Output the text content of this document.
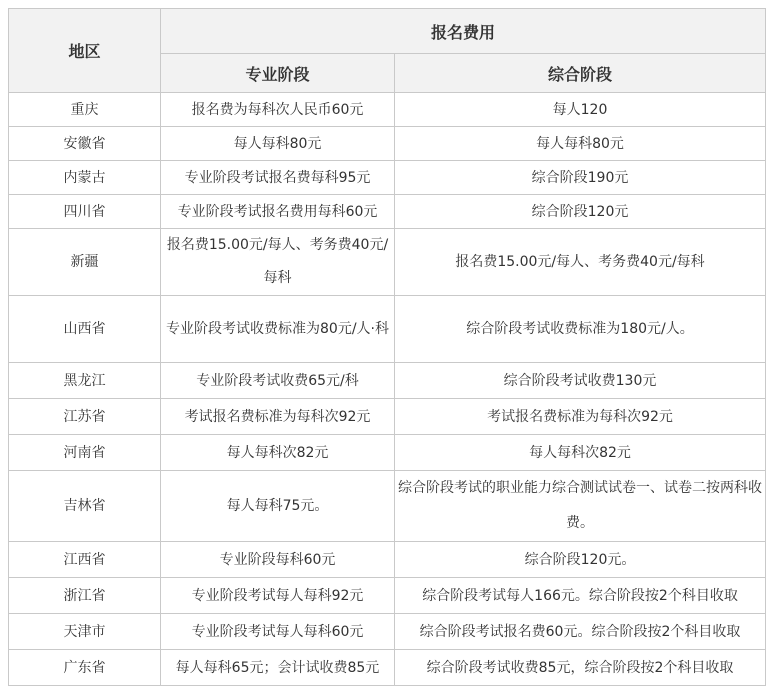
地区	报名费用	
	专业阶段	综合阶段
重庆	报名费为每科次人民币60元	每人120
安徽省	每人每科80元	每人每科80元
内蒙古	专业阶段考试报名费每科95元	综合阶段190元
四川省	专业阶段考试报名费用每科60元	综合阶段120元
新疆	报名费15.00元/每人、考务费40元/每科	报名费15.00元/每人、考务费40元/每科
山西省	专业阶段考试收费标准为80元/人·科	综合阶段考试收费标准为180元/人。
黑龙江	专业阶段考试收费65元/科	综合阶段考试收费130元
江苏省	考试报名费标准为每科次92元	考试报名费标准为每科次92元
河南省	每人每科次82元	每人每科次82元
吉林省	每人每科75元。	综合阶段考试的职业能力综合测试试卷一、试卷二按两科收费。
江西省	专业阶段每科60元	综合阶段120元。
浙江省	专业阶段考试每人每科92元	综合阶段考试每人166元。综合阶段按2个科目收取
天津市	专业阶段考试每人每科60元	综合阶段考试报名费60元。综合阶段按2个科目收取
广东省	每人每科65元；会计试收费85元	综合阶段考试收费85元，综合阶段按2个科目收取
